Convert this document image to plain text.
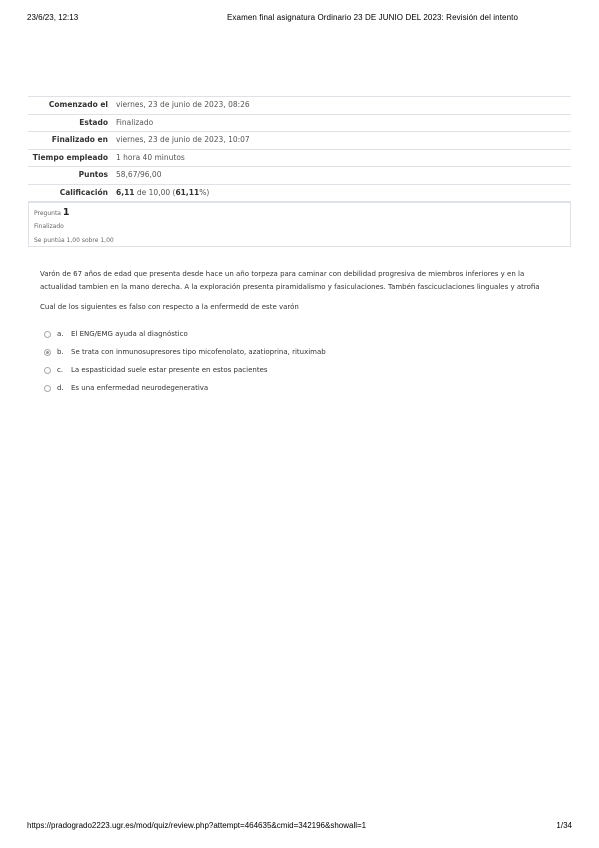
23/6/23, 12:13	Examen final asignatura Ordinario 23 DE JUNIO DEL 2023: Revisión del intento
Comenzado el	viernes, 23 de junio de 2023, 08:26
Estado	Finalizado
Finalizado en	viernes, 23 de junio de 2023, 10:07
Tiempo empleado	1 hora 40 minutos
Puntos	58,67/96,00
Calificación	6,11 de 10,00 (61,11%)
Pregunta 1
Finalizado
Se puntúa 1,00 sobre 1,00
Varón de 67 años de edad que presenta desde hace un año torpeza para caminar con debilidad progresiva de miembros inferiores y en la actualidad tambien en la mano derecha. A la exploración presenta piramidalismo y fasiculaciones. Tambén fascicuclaciones linguales y atrofia
Cual de los siguientes es falso con respecto a la enfermedd de este varón
a.	El ENG/EMG ayuda al diagnóstico
b.	Se trata con inmunosupresores tipo micofenolato, azatioprina, rituximab
c.	La espasticidad suele estar presente en estos pacientes
d.	Es una enfermedad neurodegenerativa
https://pradogrado2223.ugr.es/mod/quiz/review.php?attempt=464635&cmid=342196&showall=1	1/34
